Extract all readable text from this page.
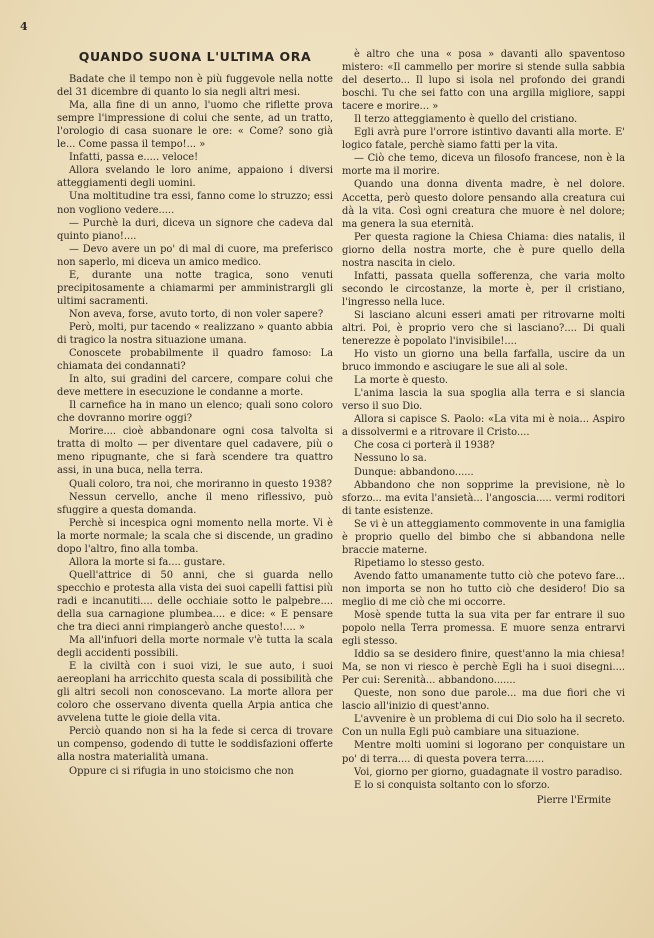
4
QUANDO SUONA L'ULTIMA ORA

Badate che il tempo non è più fuggevole nella notte del 31 dicembre di quanto lo sia negli altri mesi.

Ma, alla fine di un anno, l'uomo che riflette prova sempre l'impressione di colui che sente, ad un tratto, l'orologio di casa suonare le ore: « Come? sono già le... Come passa il tempo!... »

Infatti, passa e..... veloce!

Allora svelando le loro anime, appaiono i diversi atteggiamenti degli uomini.

Una moltitudine tra essi, fanno come lo struzzo; essi non vogliono vedere.....

— Purchè la duri, diceva un signore che cadeva dal quinto piano!....

— Devo avere un po' di mal di cuore, ma preferisco non saperlo, mi diceva un amico medico.

E, durante una notte tragica, sono venuti precipitosamente a chiamarmi per amministrargli gli ultimi sacramenti.

Non aveva, forse, avuto torto, di non voler sapere?

Però, molti, pur tacendo « realizzano » quanto abbia di tragico la nostra situazione umana.

Conoscete probabilmente il quadro famoso: La chiamata dei condannati?

In alto, sui gradini del carcere, compare colui che deve mettere in esecuzione le condanne a morte.

Il carnefice ha in mano un elenco; quali sono coloro che dovranno morire oggi?

Morire.... cioè abbandonare ogni cosa talvolta si tratta di molto — per diventare quel cadavere, più o meno ripugnante, che si farà scendere tra quattro assi, in una buca, nella terra.

Quali coloro, tra noi, che moriranno in questo 1938?

Nessun cervello, anche il meno riflessivo, può sfuggire a questa domanda.

Perchè si incespica ogni momento nella morte. Vi è la morte normale; la scala che si discende, un gradino dopo l'altro, fino alla tomba.

Allora la morte si fa.... gustare.

Quell'attrice di 50 anni, che si guarda nello specchio e protesta alla vista dei suoi capelli fattisi più radi e incanutiti.... delle occhiaie sotto le palpebre.... della sua carnagione plumbea.... e dice: « E pensare che tra dieci anni rimpiangerò anche questo!.... »

Ma all'infuori della morte normale v'è tutta la scala degli accidenti possibili.

E la civiltà con i suoi vizi, le sue auto, i suoi aereoplani ha arricchito questa scala di possibilità che gli altri secoli non conoscevano. La morte allora per coloro che osservano diventa quella Arpia antica che avvelena tutte le gioie della vita.

Perciò quando non si ha la fede si cerca di trovare un compenso, godendo di tutte le soddisfazioni offerte alla nostra materialità umana.

Oppure ci si rifugia in uno stoicismo che non

è altro che una « posa » davanti allo spaventoso mistero: «Il cammello per morire si stende sulla sabbia del deserto... Il lupo si isola nel profondo dei grandi boschi. Tu che sei fatto con una argilla migliore, sappi tacere e morire... »

Il terzo atteggiamento è quello del cristiano.

Egli avrà pure l'orrore istintivo davanti alla morte. E' logico fatale, perchè siamo fatti per la vita.

— Ciò che temo, diceva un filosofo francese, non è la morte ma il morire.

Quando una donna diventa madre, è nel dolore. Accetta, però questo dolore pensando alla creatura cui dà la vita. Così ogni creatura che muore è nel dolore; ma genera la sua eternità.

Per questa ragione la Chiesa Chiama: dies natalis, il giorno della nostra morte, che è pure quello della nostra nascita in cielo.

Infatti, passata quella sofferenza, che varia molto secondo le circostanze, la morte è, per il cristiano, l'ingresso nella luce.

Si lasciano alcuni esseri amati per ritrovarne molti altri. Poi, è proprio vero che si lasciano?.... Di quali tenerezze è popolato l'invisibile!....

Ho visto un giorno una bella farfalla, uscire da un bruco immondo e asciugare le sue ali al sole.

La morte è questo.

L'anima lascia la sua spoglia alla terra e si slancia verso il suo Dio.

Allora si capisce S. Paolo: «La vita mi è noia... Aspiro a dissolvermi e a ritrovare il Cristo....

Che cosa ci porterà il 1938?

Nessuno lo sa.

Dunque: abbandono......

Abbandono che non sopprime la previsione, nè lo sforzo... ma evita l'ansietà... l'angoscia..... vermi roditori di tante esistenze.

Se vi è un atteggiamento commovente in una famiglia è proprio quello del bimbo che si abbandona nelle braccie materne.

Ripetiamo lo stesso gesto.

Avendo fatto umanamente tutto ciò che potevo fare... non importa se non ho tutto ciò che desidero! Dio sa meglio di me ciò che mi occorre.

Mosè spende tutta la sua vita per far entrare il suo popolo nella Terra promessa. E muore senza entrarvi egli stesso.

Iddio sa se desidero finire, quest'anno la mia chiesa! Ma, se non vi riesco è perchè Egli ha i suoi disegni.... Per cui: Serenità... abbandono.......

Queste, non sono due parole... ma due fiori che vi lascio all'inizio di quest'anno.

L'avvenire è un problema di cui Dio solo ha il secreto. Con un nulla Egli può cambiare una situazione.

Mentre molti uomini si logorano per conquistare un po' di terra.... di questa povera terra......

Voi, giorno per giorno, guadagnate il vostro paradiso.

E lo si conquista soltanto con lo sforzo.

Pierre l'Ermite
